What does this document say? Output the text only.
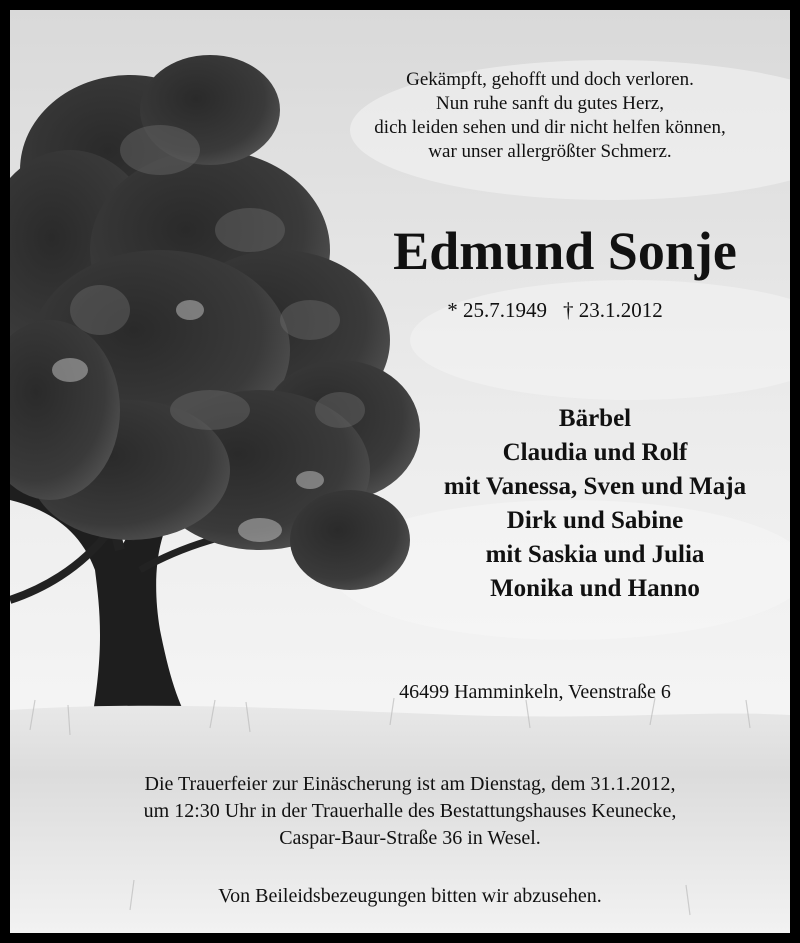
Gekämpft, gehofft und doch verloren.
Nun ruhe sanft du gutes Herz,
dich leiden sehen und dir nicht helfen können,
war unser allergrößter Schmerz.
Edmund Sonje
* 25.7.1949 † 23.1.2012
Bärbel
Claudia und Rolf
mit Vanessa, Sven und Maja
Dirk und Sabine
mit Saskia und Julia
Monika und Hanno
46499 Hamminkeln, Veenstraße 6
Die Trauerfeier zur Einäscherung ist am Dienstag, dem 31.1.2012,
um 12:30 Uhr in der Trauerhalle des Bestattungshauses Keunecke,
Caspar-Baur-Straße 36 in Wesel.
Von Beileidsbezeugungen bitten wir abzusehen.
